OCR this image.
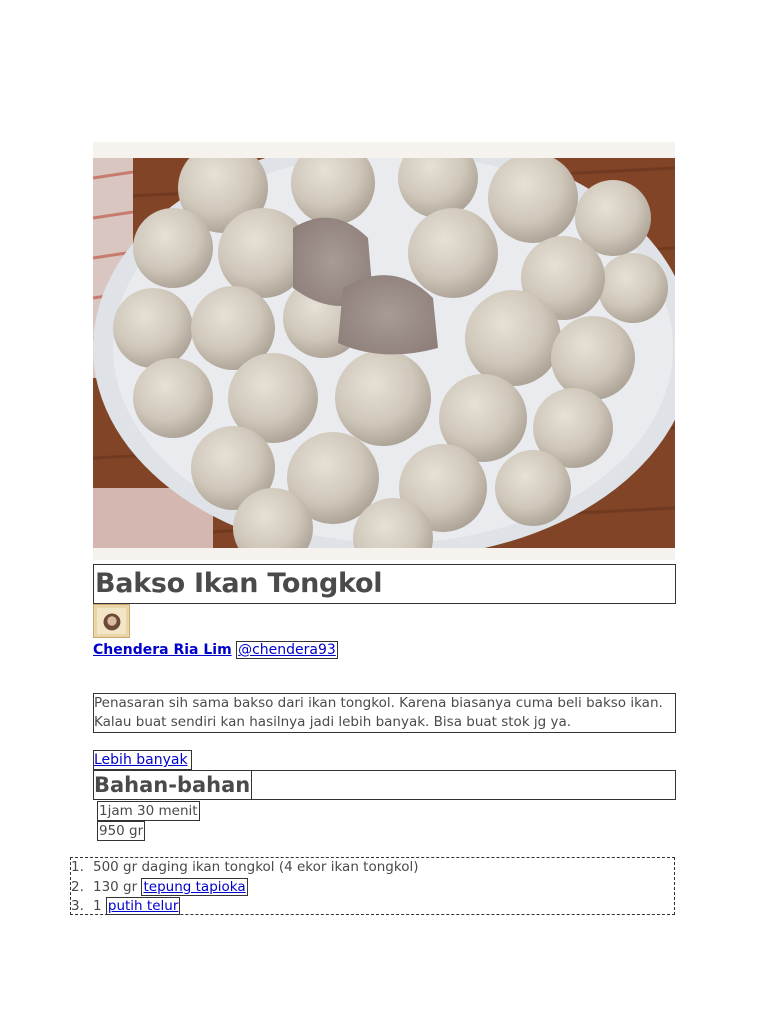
Bakso Ikan Tongkol
Chendera Ria Lim @chendera93

Penasaran sih sama bakso dari ikan tongkol. Karena biasanya cuma beli bakso ikan.

Kalau buat sendiri kan hasilnya jadi lebih banyak. Bisa buat stok jg ya.

Lebih banyak
Bahan-bahan
1jam 30 menit
950 gr
1. 500 gr daging ikan tongkol (4 ekor ikan tongkol)
2. 130 gr tepung tapioka
3. 1 putih telur
